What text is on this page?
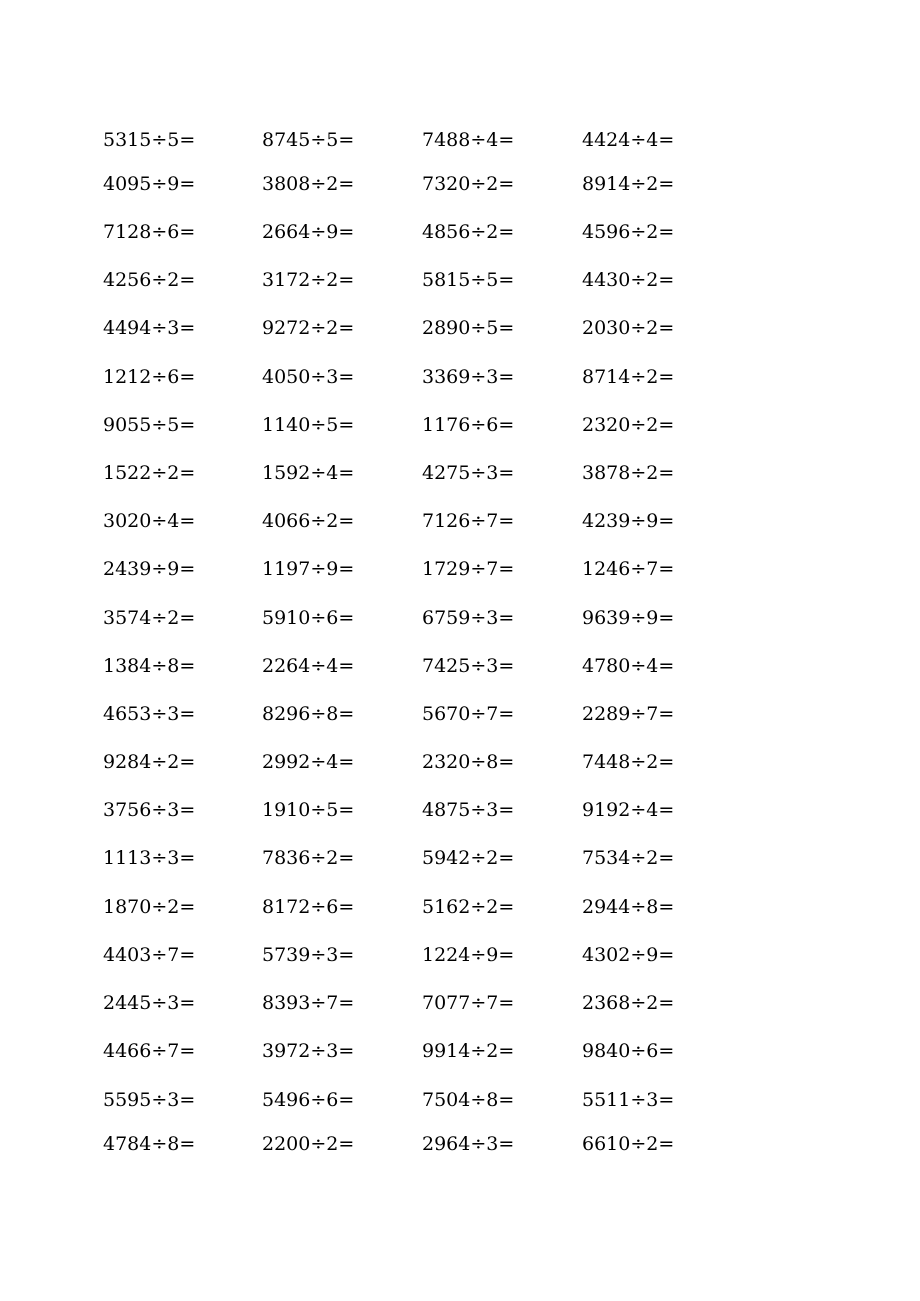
5315÷5=	8745÷5=	7488÷4=	4424÷4=
4095÷9=	3808÷2=	7320÷2=	8914÷2=
7128÷6=	2664÷9=	4856÷2=	4596÷2=
4256÷2=	3172÷2=	5815÷5=	4430÷2=
4494÷3=	9272÷2=	2890÷5=	2030÷2=
1212÷6=	4050÷3=	3369÷3=	8714÷2=
9055÷5=	1140÷5=	1176÷6=	2320÷2=
1522÷2=	1592÷4=	4275÷3=	3878÷2=
3020÷4=	4066÷2=	7126÷7=	4239÷9=
2439÷9=	1197÷9=	1729÷7=	1246÷7=
3574÷2=	5910÷6=	6759÷3=	9639÷9=
1384÷8=	2264÷4=	7425÷3=	4780÷4=
4653÷3=	8296÷8=	5670÷7=	2289÷7=
9284÷2=	2992÷4=	2320÷8=	7448÷2=
3756÷3=	1910÷5=	4875÷3=	9192÷4=
1113÷3=	7836÷2=	5942÷2=	7534÷2=
1870÷2=	8172÷6=	5162÷2=	2944÷8=
4403÷7=	5739÷3=	1224÷9=	4302÷9=
2445÷3=	8393÷7=	7077÷7=	2368÷2=
4466÷7=	3972÷3=	9914÷2=	9840÷6=
5595÷3=	5496÷6=	7504÷8=	5511÷3=
4784÷8=	2200÷2=	2964÷3=	6610÷2=
